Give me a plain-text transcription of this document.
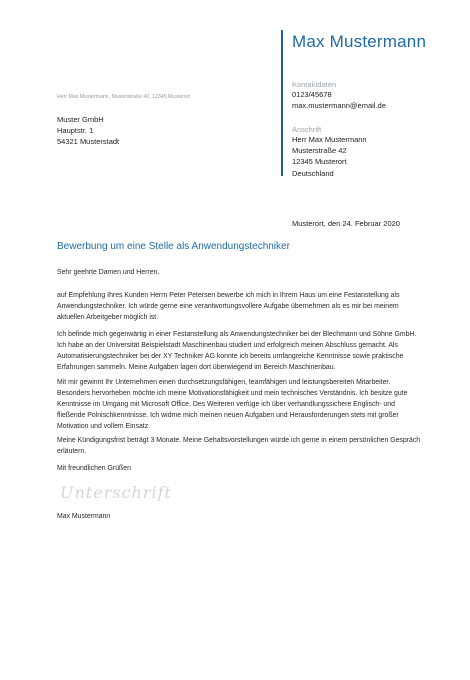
Max Mustermann
Kontaktdaten
0123/45678
max.mustermann@email.de
Anschrift
Herr Max Mustermann
Musterstraße 42
12345 Musterort
Deutschland
Herr Max Mustermann, Musterstraße 42, 12345 Musterort
Muster GmbH
Hauptstr. 1
54321 Musterstadt
Musterort, den 24. Februar 2020
Bewerbung um eine Stelle als Anwendungstechniker
Sehr geehrte Damen und Herren,
auf Empfehlung Ihres Kunden Herrn Peter Petersen bewerbe ich mich in Ihrem Haus um eine Festanstellung als Anwendungstechniker. Ich würde gerne eine verantwortungsvollere Aufgabe übernehmen als es mir bei meinem aktuellen Arbeitgeber möglich ist.
Ich befinde mich gegenwärtig in einer Festanstellung als Anwendungstechniker bei der Blechmann und Söhne GmbH. Ich habe an der Universität Beispielstadt Maschinenbau studiert und erfolgreich meinen Abschluss gemacht. Als Automatisierungstechniker bei der XY Techniker AG konnte ich bereits umfangreiche Kenntnisse sowie praktische Erfahrungen sammeln. Meine Aufgaben lagen dort überwiegend im Bereich Maschinenbau.
Mit mir gewinnt Ihr Unternehmen einen durchsetzungsfähigen, teamfähigen und leistungsbereiten Mitarbeiter. Besonders hervorheben möchte ich meine Motivationsfähigkeit und mein technisches Verständnis. Ich besitze gute Kenntnisse im Umgang mit Microsoft Office. Des Weiteren verfüge ich über verhandlungssichere Englisch- und fließende Polnischkenntnisse. Ich widme mich meinen neuen Aufgaben und Herausforderungen stets mit großer Motivation und vollem Einsatz.
Meine Kündigungsfrist beträgt 3 Monate. Meine Gehaltsvorstellungen würde ich gerne in einem persönlichen Gespräch erläutern.
Mit freundlichen Grüßen
Unterschrift
Max Mustermann
